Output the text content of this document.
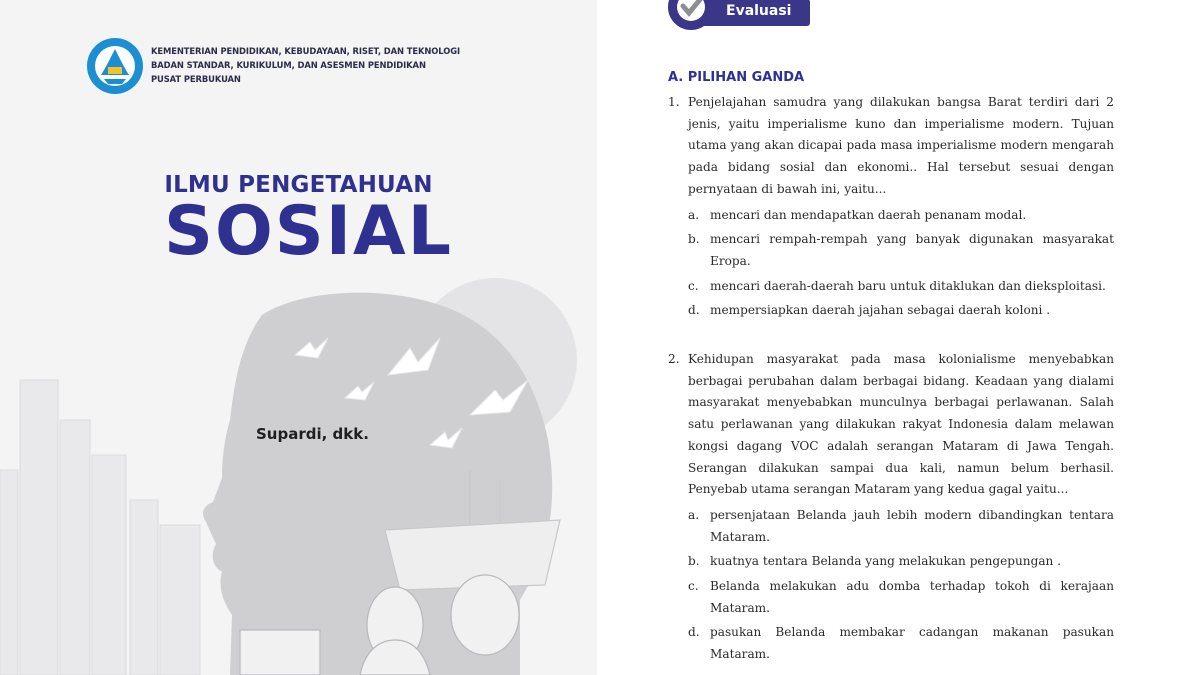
KEMENTERIAN PENDIDIKAN, KEBUDAYAAN, RISET, DAN TEKNOLOGI
BADAN STANDAR, KURIKULUM, DAN ASESMEN PENDIDIKAN
PUSAT PERBUKUAN
ILMU PENGETAHUAN
SOSIAL
Supardi, dkk.
Evaluasi
A. PILIHAN GANDA
1. Penjelajahan samudra yang dilakukan bangsa Barat terdiri dari 2 jenis, yaitu imperialisme kuno dan imperialisme modern. Tujuan utama yang akan dicapai pada masa imperialisme modern mengarah pada bidang sosial dan ekonomi.. Hal tersebut sesuai dengan pernyataan di bawah ini, yaitu...
a. mencari dan mendapatkan daerah penanam modal.
b. mencari rempah-rempah yang banyak digunakan masyarakat Eropa.
c. mencari daerah-daerah baru untuk ditaklukan dan dieksploitasi.
d. mempersiapkan daerah jajahan sebagai daerah koloni .
2. Kehidupan masyarakat pada masa kolonialisme menyebabkan berbagai perubahan dalam berbagai bidang. Keadaan yang dialami masyarakat menyebabkan munculnya berbagai perlawanan. Salah satu perlawanan yang dilakukan rakyat Indonesia dalam melawan kongsi dagang VOC adalah serangan Mataram di Jawa Tengah. Serangan dilakukan sampai dua kali, namun belum berhasil. Penyebab utama serangan Mataram yang kedua gagal yaitu...
a. persenjataan Belanda jauh lebih modern dibandingkan tentara Mataram.
b. kuatnya tentara Belanda yang melakukan pengepungan .
c. Belanda melakukan adu domba terhadap tokoh di kerajaan Mataram.
d. pasukan Belanda membakar cadangan makanan pasukan Mataram.
